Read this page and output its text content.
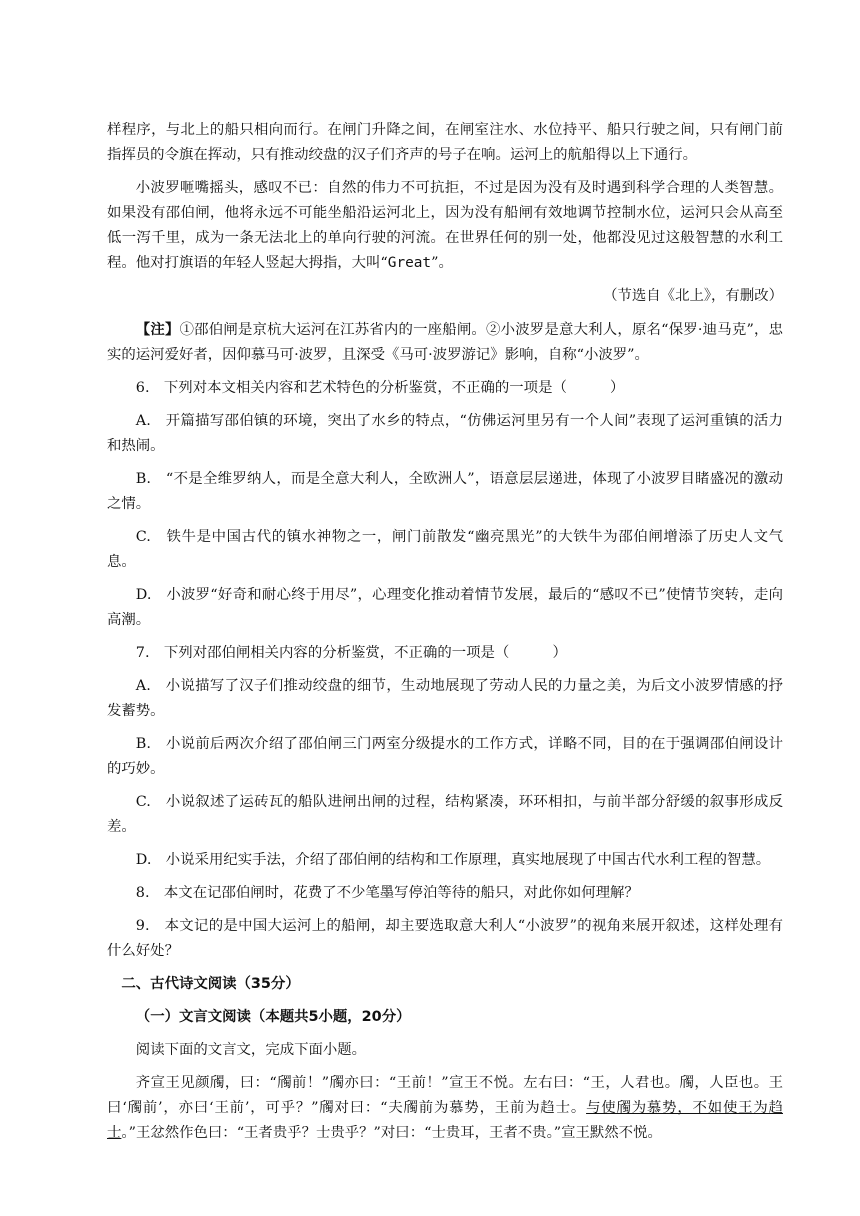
样程序，与北上的船只相向而行。在闸门升降之间，在闸室注水、水位持平、船只行驶之间，只有闸门前指挥员的令旗在挥动，只有推动绞盘的汉子们齐声的号子在响。运河上的航船得以上下通行。

小波罗咂嘴摇头，感叹不已：自然的伟力不可抗拒，不过是因为没有及时遇到科学合理的人类智慧。如果没有邵伯闸，他将永远不可能坐船沿运河北上，因为没有船闸有效地调节控制水位，运河只会从高至低一泻千里，成为一条无法北上的单向行驶的河流。在世界任何的别一处，他都没见过这般智慧的水利工程。他对打旗语的年轻人竖起大拇指，大叫“Great”。

（节选自《北上》，有删改）

【注】①邵伯闸是京杭大运河在江苏省内的一座船闸。②小波罗是意大利人，原名“保罗·迪马克”，忠实的运河爱好者，因仰慕马可·波罗，且深受《马可·波罗游记》影响，自称“小波罗”。

6.　下列对本文相关内容和艺术特色的分析鉴赏，不正确的一项是（　　　）

A.　开篇描写邵伯镇的环境，突出了水乡的特点，“仿佛运河里另有一个人间”表现了运河重镇的活力和热闹。

B.　“不是全维罗纳人，而是全意大利人，全欧洲人”，语意层层递进，体现了小波罗目睹盛况的激动之情。

C.　铁牛是中国古代的镇水神物之一，闸门前散发“幽亮黑光”的大铁牛为邵伯闸增添了历史人文气息。

D.　小波罗“好奇和耐心终于用尽”，心理变化推动着情节发展，最后的“感叹不已”使情节突转，走向高潮。

7.　下列对邵伯闸相关内容的分析鉴赏，不正确的一项是（　　　）

A.　小说描写了汉子们推动绞盘的细节，生动地展现了劳动人民的力量之美，为后文小波罗情感的抒发蓄势。

B.　小说前后两次介绍了邵伯闸三门两室分级提水的工作方式，详略不同，目的在于强调邵伯闸设计的巧妙。

C.　小说叙述了运砖瓦的船队进闸出闸的过程，结构紧凑，环环相扣，与前半部分舒缓的叙事形成反差。

D.　小说采用纪实手法，介绍了邵伯闸的结构和工作原理，真实地展现了中国古代水利工程的智慧。

8.　本文在记邵伯闸时，花费了不少笔墨写停泊等待的船只，对此你如何理解？

9.　本文记的是中国大运河上的船闸，却主要选取意大利人“小波罗”的视角来展开叙述，这样处理有什么好处？

二、古代诗文阅读（35分）

（一）文言文阅读（本题共5小题，20分）

阅读下面的文言文，完成下面小题。

齐宣王见颜斶，曰：“斶前！”斶亦曰：“王前！”宣王不悦。左右曰：“王，人君也。斶，人臣也。王曰‘斶前’，亦曰‘王前’，可乎？”斶对曰：“夫斶前为慕势，王前为趋士。与使斶为慕势，不如使王为趋士。”王忿然作色曰：“王者贵乎？士贵乎？”对曰：“士贵耳，王者不贵。”宣王默然不悦。
